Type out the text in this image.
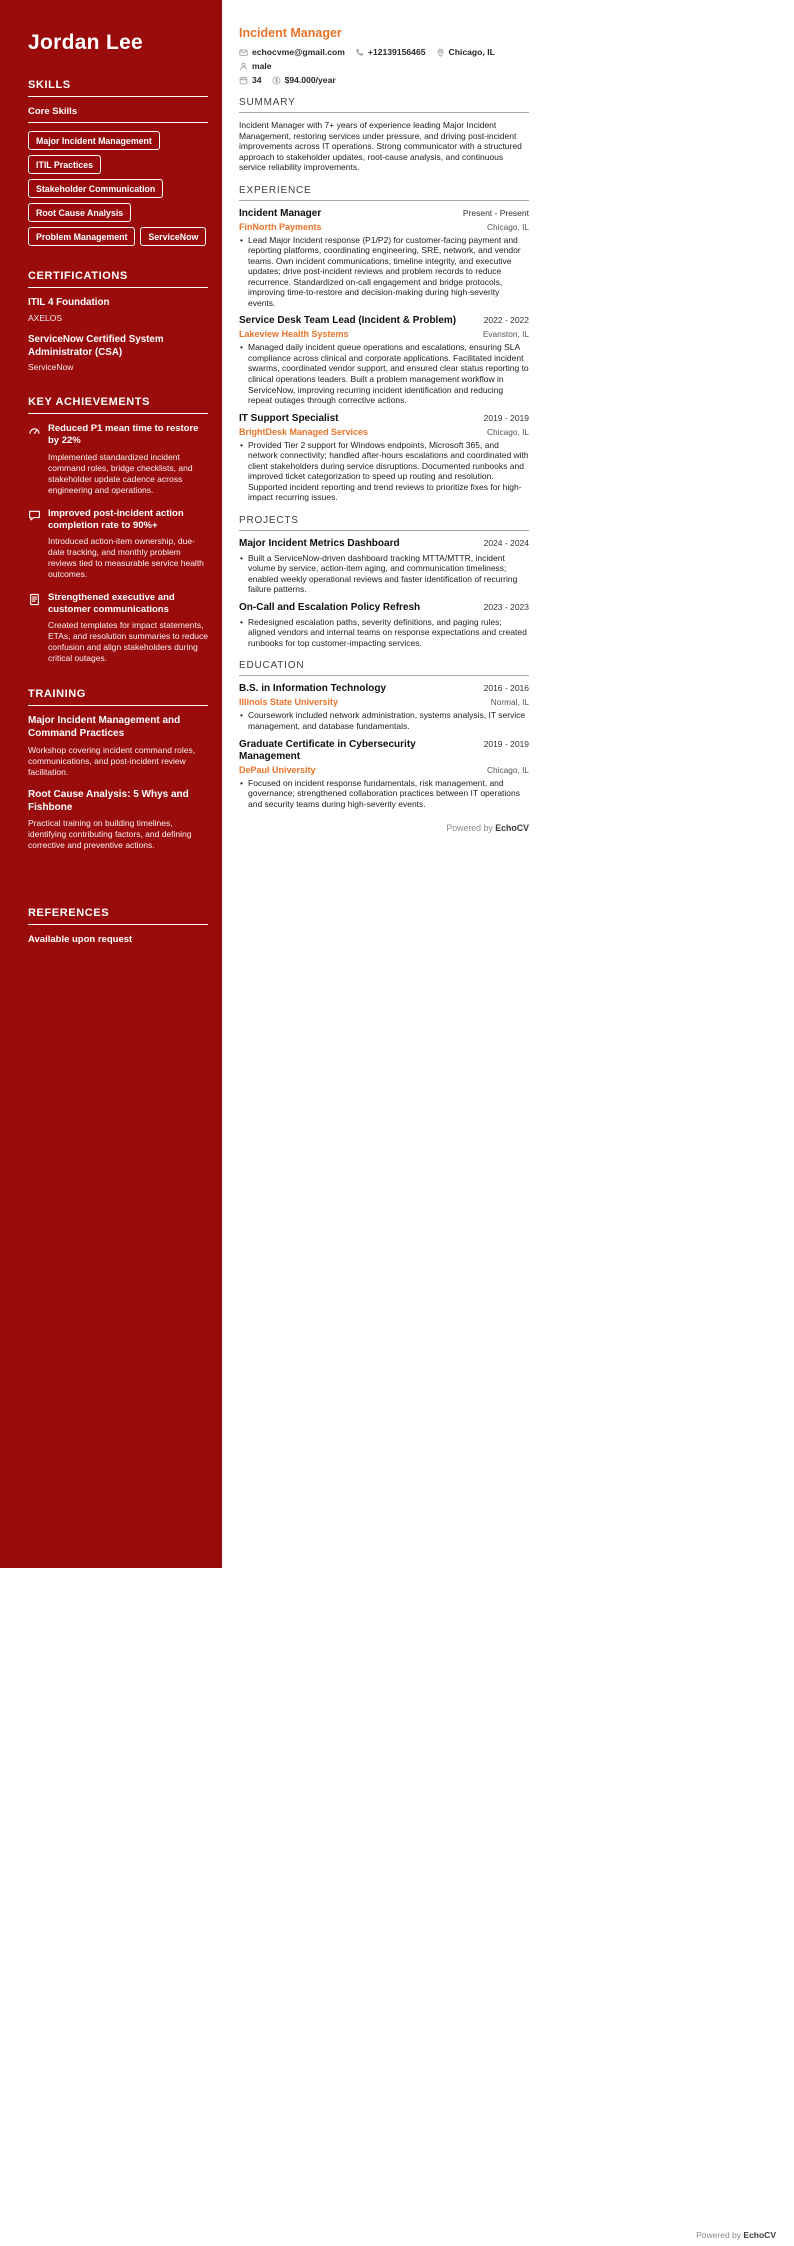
Jordan Lee
SKILLS
Core Skills
Major Incident Management
ITIL Practices
Stakeholder Communication
Root Cause Analysis
Problem Management	ServiceNow
CERTIFICATIONS
ITIL 4 Foundation
AXELOS
ServiceNow Certified System Administrator (CSA)
ServiceNow
KEY ACHIEVEMENTS
Reduced P1 mean time to restore by 22%
Implemented standardized incident command roles, bridge checklists, and stakeholder update cadence across engineering and operations.
Improved post-incident action completion rate to 90%+
Introduced action-item ownership, due-date tracking, and monthly problem reviews tied to measurable service health outcomes.
Strengthened executive and customer communications
Created templates for impact statements, ETAs, and resolution summaries to reduce confusion and align stakeholders during critical outages.
TRAINING
Major Incident Management and Command Practices
Workshop covering incident command roles, communications, and post-incident review facilitation.
Root Cause Analysis: 5 Whys and Fishbone
Practical training on building timelines, identifying contributing factors, and defining corrective and preventive actions.
REFERENCES
Available upon request
Incident Manager
echocvme@gmail.com	+12139156465	Chicago, IL
male
34	$94.000/year
SUMMARY

Incident Manager with 7+ years of experience leading Major Incident Management, restoring services under pressure, and driving post-incident improvements across IT operations. Strong communicator with a structured approach to stakeholder updates, root-cause analysis, and continuous service reliability improvements.

EXPERIENCE
Incident Manager	Present - Present
FinNorth Payments	Chicago, IL
• Lead Major Incident response (P1/P2) for customer-facing payment and reporting platforms, coordinating engineering, SRE, network, and vendor teams. Own incident communications, timeline integrity, and executive updates; drive post-incident reviews and problem records to reduce recurrence. Standardized on-call engagement and bridge protocols, improving time-to-restore and decision-making during high-severity events.
Service Desk Team Lead (Incident & Problem)	2022 - 2022
Lakeview Health Systems	Evanston, IL
• Managed daily incident queue operations and escalations, ensuring SLA compliance across clinical and corporate applications. Facilitated incident swarms, coordinated vendor support, and ensured clear status reporting to clinical operations leaders. Built a problem management workflow in ServiceNow, improving recurring incident identification and reducing repeat outages through corrective actions.
IT Support Specialist	2019 - 2019
BrightDesk Managed Services	Chicago, IL
• Provided Tier 2 support for Windows endpoints, Microsoft 365, and network connectivity; handled after-hours escalations and coordinated with client stakeholders during service disruptions. Documented runbooks and improved ticket categorization to speed up routing and resolution. Supported incident reporting and trend reviews to prioritize fixes for high-impact recurring issues.
PROJECTS
Major Incident Metrics Dashboard	2024 - 2024
• Built a ServiceNow-driven dashboard tracking MTTA/MTTR, incident volume by service, action-item aging, and communication timeliness; enabled weekly operational reviews and faster identification of recurring failure patterns.
On-Call and Escalation Policy Refresh	2023 - 2023
• Redesigned escalation paths, severity definitions, and paging rules; aligned vendors and internal teams on response expectations and created runbooks for top customer-impacting services.
EDUCATION
B.S. in Information Technology	2016 - 2016
Illinois State University	Normal, IL
• Coursework included network administration, systems analysis, IT service management, and database fundamentals.
Graduate Certificate in Cybersecurity Management
2019 - 2019
DePaul University	Chicago, IL
• Focused on incident response fundamentals, risk management, and governance; strengthened collaboration practices between IT operations and security teams during high-severity events.
Powered by EchoCV
Powered by EchoCV
